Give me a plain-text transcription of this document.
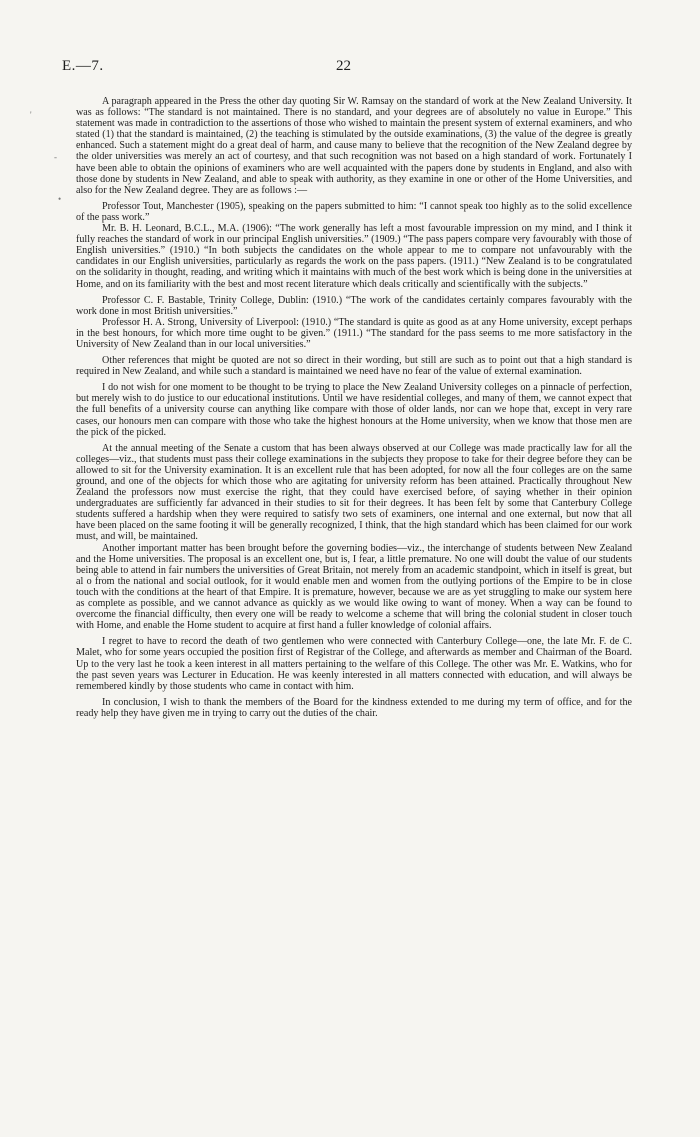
E.—7.	22
'
-
•

A paragraph appeared in the Press the other day quoting Sir W. Ramsay on the standard of work at the New Zealand University. It was as follows: “The standard is not maintained. There is no standard, and your degrees are of absolutely no value in Europe.” This statement was made in contradiction to the assertions of those who wished to maintain the present system of external examiners, and who stated (1) that the standard is maintained, (2) the teaching is stimulated by the outside examinations, (3) the value of the degree is greatly enhanced. Such a statement might do a great deal of harm, and cause many to believe that the recognition of the New Zealand degree by the older universities was merely an act of courtesy, and that such recognition was not based on a high standard of work. Fortunately I have been able to obtain the opinions of examiners who are well acquainted with the papers done by students in England, and also with those done by students in New Zealand, and able to speak with authority, as they examine in one or other of the Home Universities, and also for the New Zealand degree. They are as follows :—

Professor Tout, Manchester (1905), speaking on the papers submitted to him: “I cannot speak too highly as to the solid excellence of the pass work.”

Mr. B. H. Leonard, B.C.L., M.A. (1906): “The work generally has left a most favourable impression on my mind, and I think it fully reaches the standard of work in our principal English universities.” (1909.) “The pass papers compare very favourably with those of English universities.” (1910.) “In both subjects the candidates on the whole appear to me to compare not unfavourably with the candidates in our English universities, particularly as regards the work on the pass papers. (1911.) “New Zealand is to be congratulated on the solidarity in thought, reading, and writing which it maintains with much of the best work which is being done in the universities at Home, and on its familiarity with the best and most recent literature which deals critically and scientifically with the subjects.”

Professor C. F. Bastable, Trinity College, Dublin: (1910.) “The work of the candidates certainly compares favourably with the work done in most British universities.”

Professor H. A. Strong, University of Liverpool: (1910.) “The standard is quite as good as at any Home university, except perhaps in the best honours, for which more time ought to be given.” (1911.) “The standard for the pass seems to me more satisfactory in the University of New Zealand than in our local universities.”

Other references that might be quoted are not so direct in their wording, but still are such as to point out that a high standard is required in New Zealand, and while such a standard is maintained we need have no fear of the value of external examination.

I do not wish for one moment to be thought to be trying to place the New Zealand University colleges on a pinnacle of perfection, but merely wish to do justice to our educational institutions. Until we have residential colleges, and many of them, we cannot expect that the full benefits of a university course can anything like compare with those of older lands, nor can we hope that, except in very rare cases, our honours men can compare with those who take the highest honours at the Home university, when we know that those men are the pick of the picked.

At the annual meeting of the Senate a custom that has been always observed at our College was made practically law for all the colleges—viz., that students must pass their college examinations in the subjects they propose to take for their degree before they can be allowed to sit for the University examination. It is an excellent rule that has been adopted, for now all the four colleges are on the same ground, and one of the objects for which those who are agitating for university reform has been attained. Practically throughout New Zealand the professors now must exercise the right, that they could have exercised before, of saying whether in their opinion undergraduates are sufficiently far advanced in their studies to sit for their degrees. It has been felt by some that Canterbury College students suffered a hardship when they were required to satisfy two sets of examiners, one internal and one external, but now that all have been placed on the same footing it will be generally recognized, I think, that the high standard which has been claimed for our work must, and will, be maintained.

Another important matter has been brought before the governing bodies—viz., the interchange of students between New Zealand and the Home universities. The proposal is an excellent one, but is, I fear, a little premature. No one will doubt the value of our students being able to attend in fair numbers the universities of Great Britain, not merely from an academic standpoint, which in itself is great, but al o from the national and social outlook, for it would enable men and women from the outlying portions of the Empire to be in close touch with the conditions at the heart of that Empire. It is premature, however, because we are as yet struggling to make our system here as complete as possible, and we cannot advance as quickly as we would like owing to want of money. When a way can be found to overcome the financial difficulty, then every one will be ready to welcome a scheme that will bring the colonial student in closer touch with Home, and enable the Home student to acquire at first hand a fuller knowledge of colonial affairs.

I regret to have to record the death of two gentlemen who were connected with Canterbury College—one, the late Mr. F. de C. Malet, who for some years occupied the position first of Registrar of the College, and afterwards as member and Chairman of the Board. Up to the very last he took a keen interest in all matters pertaining to the welfare of this College. The other was Mr. E. Watkins, who for the past seven years was Lecturer in Education. He was keenly interested in all matters connected with education, and will always be remembered kindly by those students who came in contact with him.

In conclusion, I wish to thank the members of the Board for the kindness extended to me during my term of office, and for the ready help they have given me in trying to carry out the duties of the chair.
